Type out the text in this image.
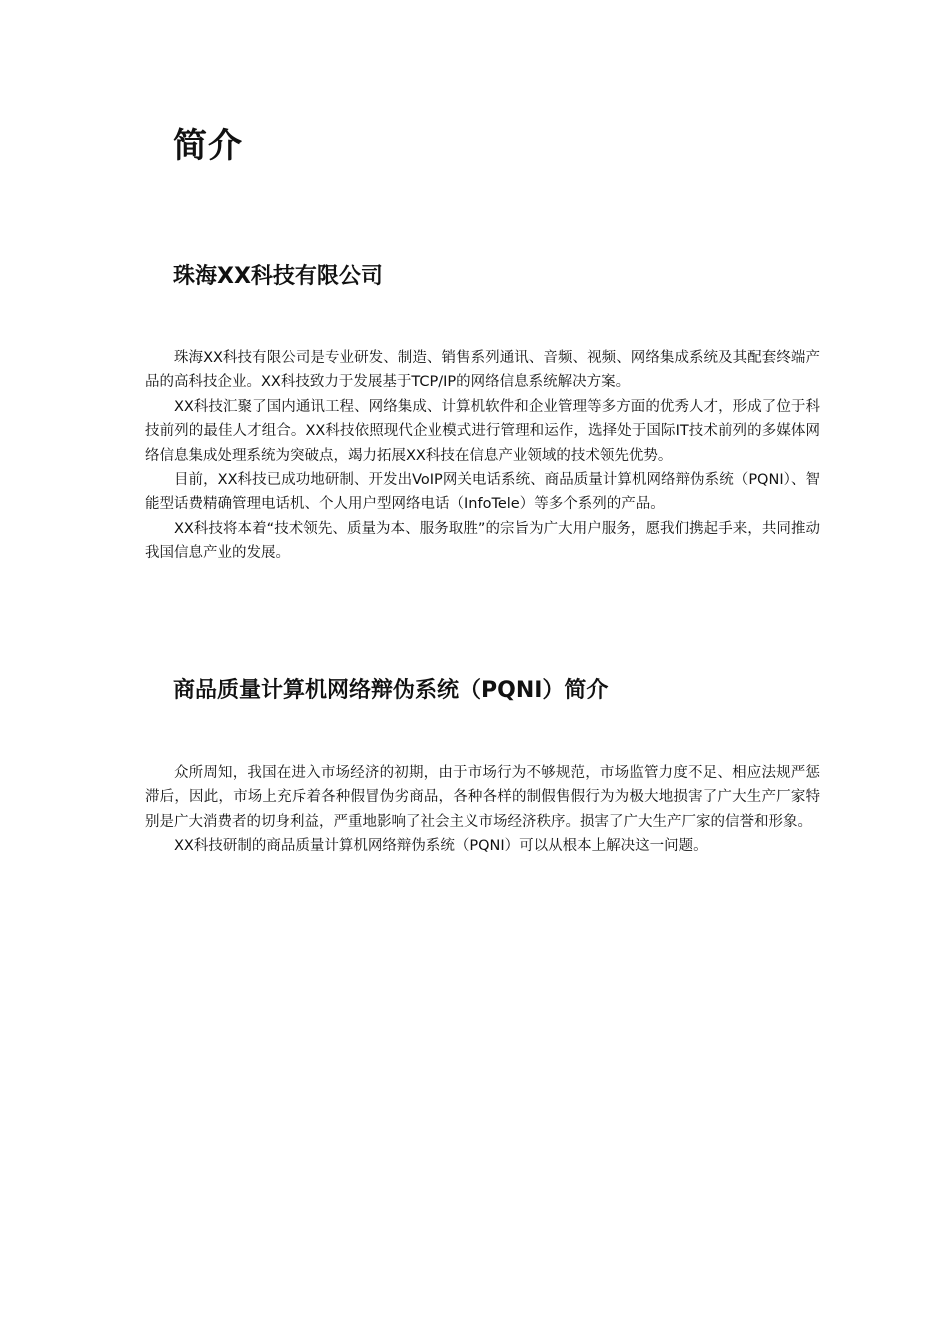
简介
珠海XX科技有限公司

珠海XX科技有限公司是专业研发、制造、销售系列通讯、音频、视频、网络集成系统及其配套终端产品的高科技企业。XX科技致力于发展基于TCP/IP的网络信息系统解决方案。

XX科技汇聚了国内通讯工程、网络集成、计算机软件和企业管理等多方面的优秀人才，形成了位于科技前列的最佳人才组合。XX科技依照现代企业模式进行管理和运作，选择处于国际IT技术前列的多媒体网络信息集成处理系统为突破点，竭力拓展XX科技在信息产业领域的技术领先优势。

目前，XX科技已成功地研制、开发出VoIP网关电话系统、商品质量计算机网络辩伪系统（PQNI）、智能型话费精确管理电话机、个人用户型网络电话（InfoTele）等多个系列的产品。

XX科技将本着“技术领先、质量为本、服务取胜”的宗旨为广大用户服务，愿我们携起手来，共同推动我国信息产业的发展。

商品质量计算机网络辩伪系统（PQNI）简介

众所周知，我国在进入市场经济的初期，由于市场行为不够规范，市场监管力度不足、相应法规严惩滞后，因此，市场上充斥着各种假冒伪劣商品，各种各样的制假售假行为为极大地损害了广大生产厂家特别是广大消费者的切身利益，严重地影响了社会主义市场经济秩序。损害了广大生产厂家的信誉和形象。

XX科技研制的商品质量计算机网络辩伪系统（PQNI）可以从根本上解决这一问题。
